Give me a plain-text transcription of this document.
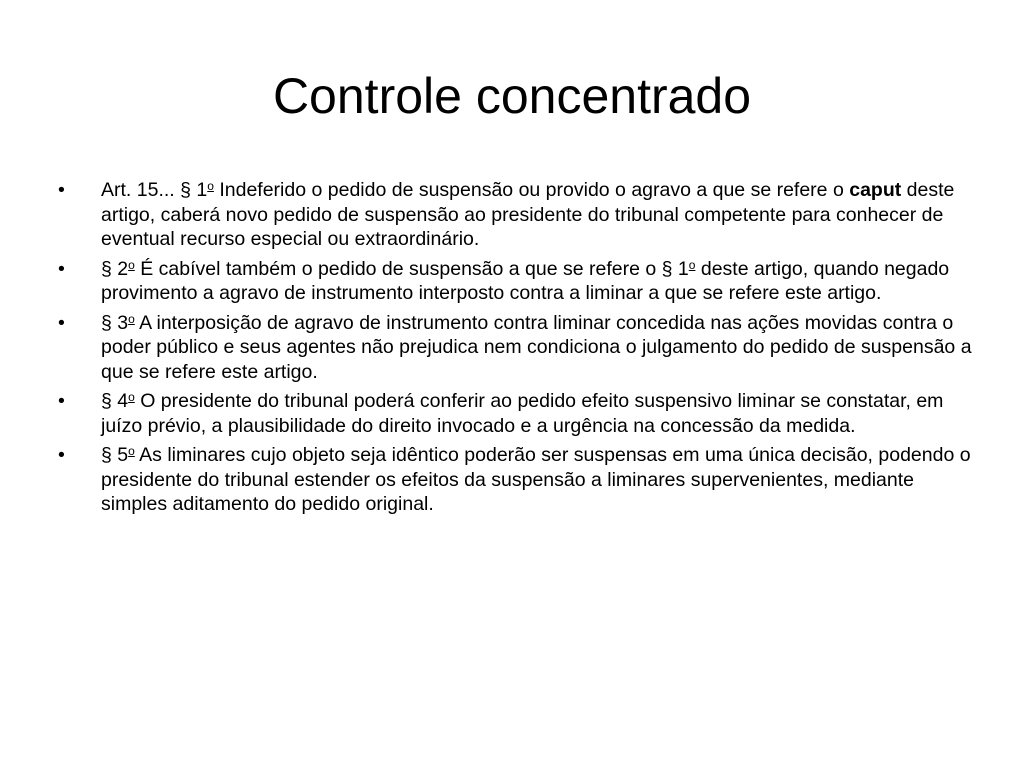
Controle concentrado
• Art. 15... § 1$^o$ Indeferido o pedido de suspensão ou provido o agravo a que se refere o caput deste artigo, caberá novo pedido de suspensão ao presidente do tribunal competente para conhecer de eventual recurso especial ou extraordinário.
• § 2$^o$ É cabível também o pedido de suspensão a que se refere o § 1$^o$ deste artigo, quando negado provimento a agravo de instrumento interposto contra a liminar a que se refere este artigo.
• § 3$^o$ A interposição de agravo de instrumento contra liminar concedida nas ações movidas contra o poder público e seus agentes não prejudica nem condiciona o julgamento do pedido de suspensão a que se refere este artigo.
• § 4$^o$ O presidente do tribunal poderá conferir ao pedido efeito suspensivo liminar se constatar, em juízo prévio, a plausibilidade do direito invocado e a urgência na concessão da medida.
• § 5$^o$ As liminares cujo objeto seja idêntico poderão ser suspensas em uma única decisão, podendo o presidente do tribunal estender os efeitos da suspensão a liminares supervenientes, mediante simples aditamento do pedido original.
